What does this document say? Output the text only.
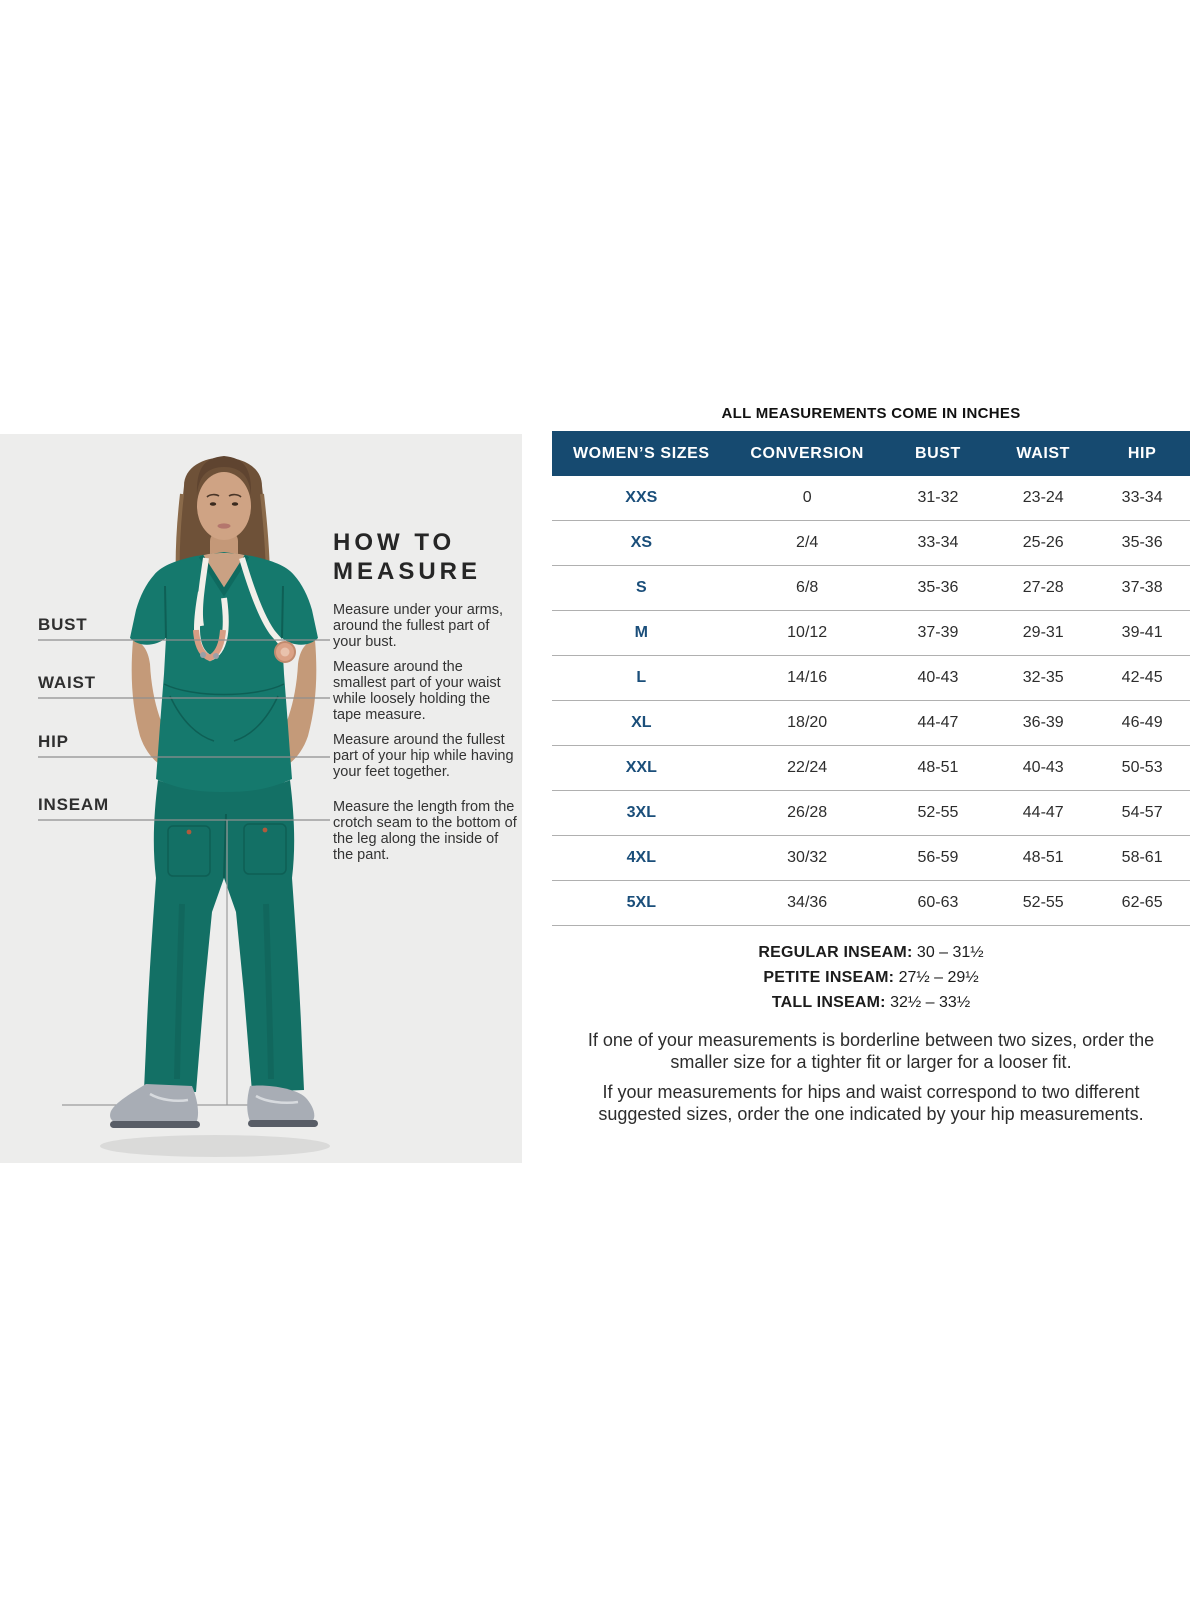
BUST
WAIST
HIP
INSEAM
HOW TO MEASURE
Measure under your arms, around the fullest part of your bust.
Measure around the smallest part of your waist while loosely holding the tape measure.
Measure around the fullest part of your hip while having your feet together.
Measure the length from the crotch seam to the bottom of the leg along the inside of the pant.
ALL MEASUREMENTS COME IN INCHES
WOMEN’S SIZES	CONVERSION	BUST	WAIST	HIP
XXS	0	31-32	23-24	33-34
XS	2/4	33-34	25-26	35-36
S	6/8	35-36	27-28	37-38
M	10/12	37-39	29-31	39-41
L	14/16	40-43	32-35	42-45
XL	18/20	44-47	36-39	46-49
XXL	22/24	48-51	40-43	50-53
3XL	26/28	52-55	44-47	54-57
4XL	30/32	56-59	48-51	58-61
5XL	34/36	60-63	52-55	62-65
REGULAR INSEAM: 30 – 31½
PETITE INSEAM: 27½ – 29½
TALL INSEAM: 32½ – 33½

If one of your measurements is borderline between two sizes, order the smaller size for a tighter fit or larger for a looser fit.

If your measurements for hips and waist correspond to two different suggested sizes, order the one indicated by your hip measurements.
